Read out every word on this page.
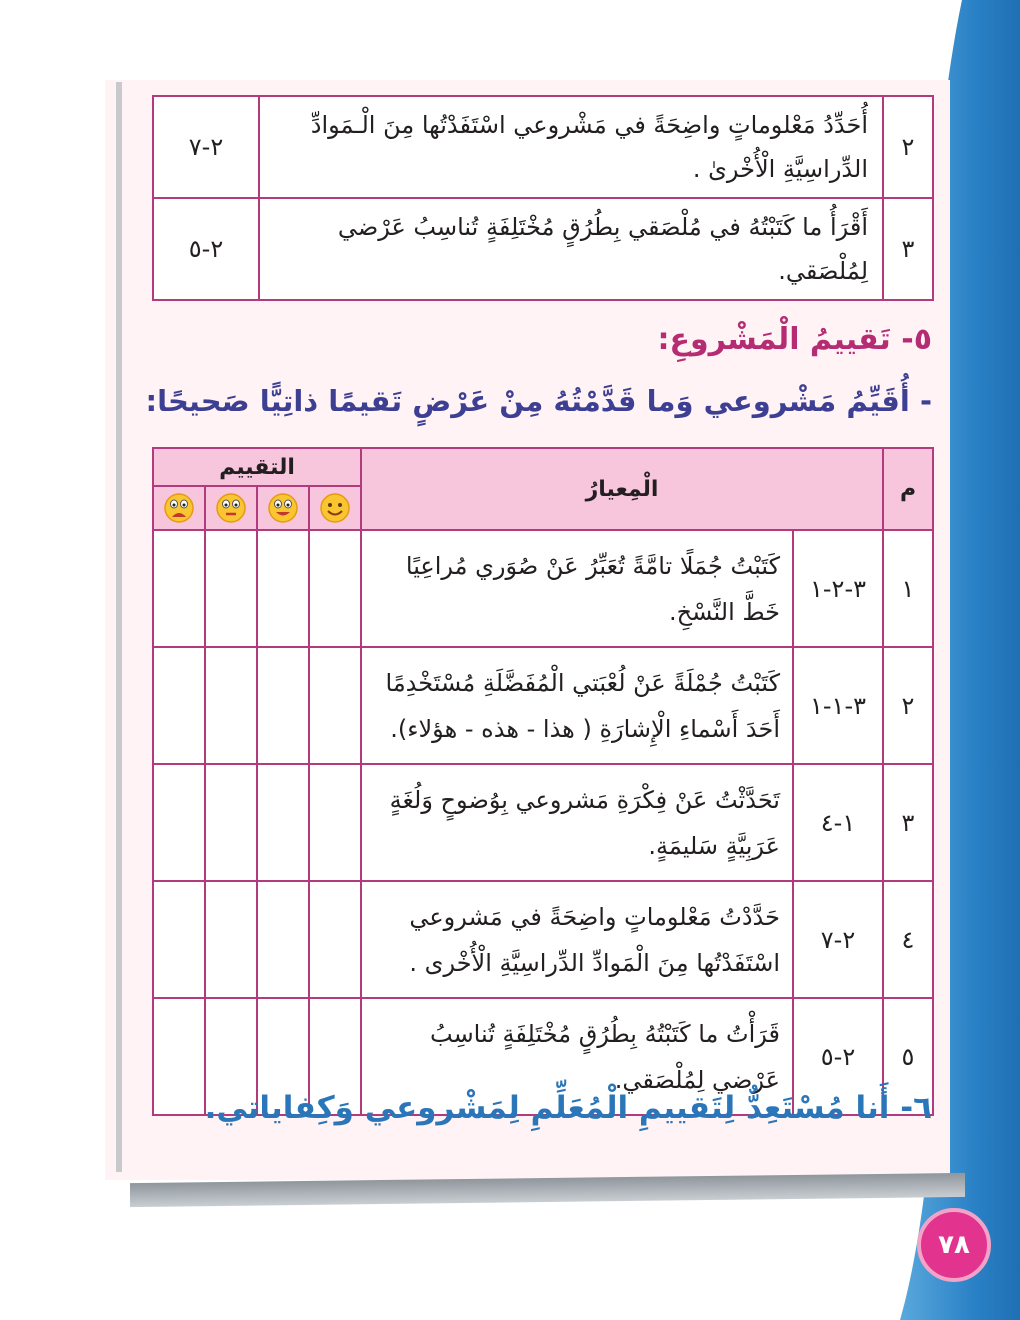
٢	أُحَدِّدُ مَعْلوماتٍ واضِحَةً في مَشْروعي اسْتَفَدْتُها مِنَ الْـمَوادِّ الدِّراسِيَّةِ الْأُخْرىٰ .	٢-٧
٣	أَقْرَأُ ما كَتَبْتُهُ في مُلْصَقي بِطُرُقٍ مُخْتَلِفَةٍ تُناسِبُ عَرْضي لِمُلْصَقي.	٢-٥
٥- تَقييمُ الْمَشْروعِ:
- أُقَيِّمُ مَشْروعي وَما قَدَّمْتُهُ مِنْ عَرْضٍ تَقيمًا ذاتِيًّا صَحيحًا:
م	الْمِعيارُ		التقييم			

١	٣-٢-١	كَتَبْتُ جُمَلًا تامَّةً تُعَبِّرُ عَنْ صُوَري مُراعِيًا خَطَّ النَّسْخِ.				
٢	٣-١-١	كَتَبْتُ جُمْلَةً عَنْ لُعْبَتي الْمُفَضَّلَةِ مُسْتَخْدِمًا أَحَدَ أَسْماءِ الْإِشارَةِ ( هذا - هذه - هؤلاء).				
٣	١-٤	تَحَدَّثْتُ عَنْ فِكْرَةِ مَشروعي بِوُضوحٍ وَلُغَةٍ عَرَبِيَّةٍ سَليمَةٍ.				
٤	٢-٧	حَدَّدْتُ مَعْلوماتٍ واضِحَةً في مَشروعي اسْتَفَدْتُها مِنَ الْمَوادِّ الدِّراسِيَّةِ الْأُخْرى .				
٥	٢-٥	قَرَأْتُ ما كَتَبْتُهُ بِطُرُقٍ مُخْتَلِفَةٍ تُناسِبُ عَرْضي لِمُلْصَقي.				
٦- أَنا مُسْتَعِدٌّ لِتَقييمِ الْمُعَلِّمِ لِمَشْروعي وَكِفاياتي.
٧٨
